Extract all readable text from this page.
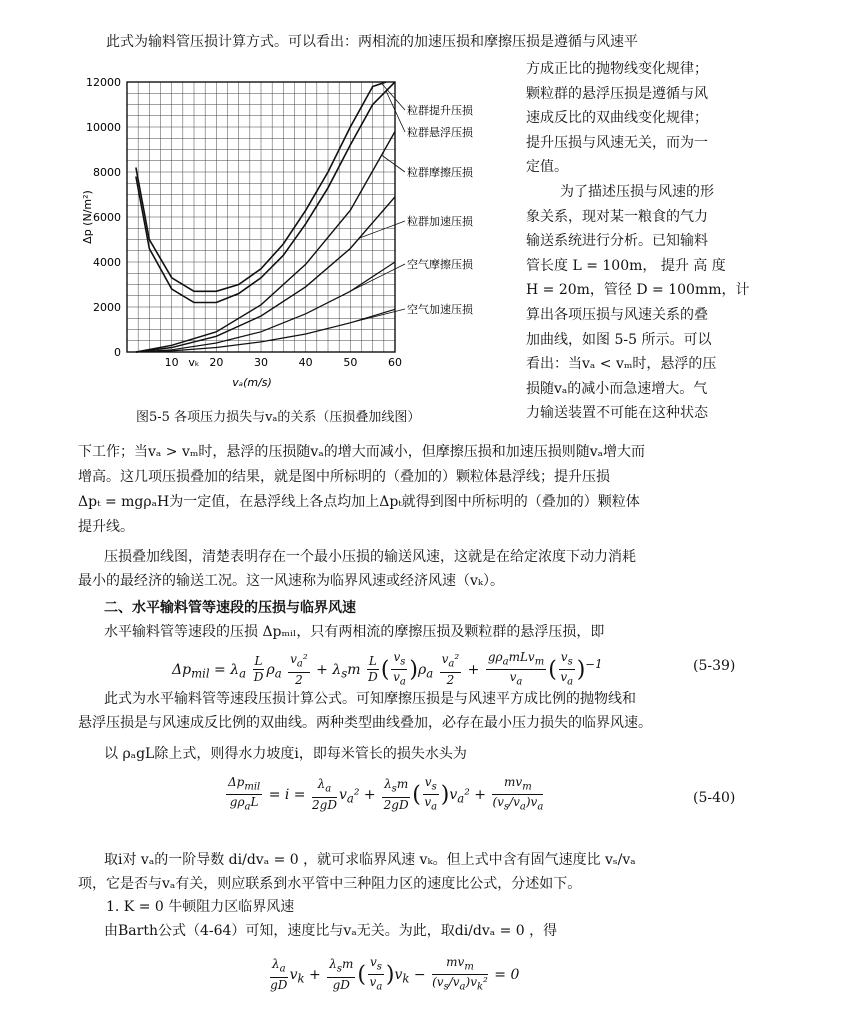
此式为输料管压损计算方式。可以看出：两相流的加速压损和摩擦压损是遵循与风速平
0
2000
4000
6000
8000
10000
12000
10 vₖ 20	30	40	50	60
vₐ(m/s)
Δp (N/m²)
粒群提升压损
粒群悬浮压损
粒群摩擦压损
粒群加速压损
空气摩擦压损
空气加速压损
图5-5 各项压力损失与vₐ的关系（压损叠加线图）
方成正比的抛物线变化规律；
颗粒群的悬浮压损是遵循与风
速成反比的双曲线变化规律；
提升压损与风速无关，而为一
定值。
为了描述压损与风速的形
象关系，现对某一粮食的气力
输送系统进行分析。已知输料
管长度 L = 100m， 提升 高 度
H = 20m，管径 D = 100mm，计
算出各项压损与风速关系的叠
加曲线，如图 5-5 所示。可以
看出：当vₐ < vₘ时，悬浮的压
损随vₐ的减小而急速增大。气
力输送装置不可能在这种状态
下工作；当vₐ > vₘ时，悬浮的压损随vₐ的增大而减小，但摩擦压损和加速压损则随vₐ增大而
增高。这几项压损叠加的结果，就是图中所标明的（叠加的）颗粒体悬浮线；提升压损
Δpₜ = mgρₐH为一定值，在悬浮线上各点均加上Δpₜ就得到图中所标明的（叠加的）颗粒体
提升线。
压损叠加线图，清楚表明存在一个最小压损的输送风速，这就是在给定浓度下动力消耗
最小的最经济的输送工况。这一风速称为临界风速或经济风速（vₖ）。
二、水平输料管等速段的压损与临界风速
水平输料管等速段的压损 Δpₘᵢₗ，只有两相流的摩擦压损及颗粒群的悬浮压损，即
$\Delta p_{mil} = \lambda_a \frac{L}{D} \rho_a \frac{v_a^2}{2} + \lambda_sm \frac{L}{D}$ ( $\frac{v_s}{v_a} )\rho_a \frac{v_a^2}{2} + \frac{g\rho_amLv_m}{v_a}$ ( $\frac{v_s}{v_a} )^{-1}$	(5-39)
此式为水平输料管等速段压损计算公式。可知摩擦压损是与风速平方成比例的抛物线和
悬浮压损是与风速成反比例的双曲线。两种类型曲线叠加，必存在最小压力损失的临界风速。
以 ρₐgL除上式，则得水力坡度i，即每米管长的损失水头为
$\frac{\Delta p_{mil}}{g\rho_aL} = i = \frac{\lambda_a}{2gD} v_a^2 + \frac{\lambda_sm}{2gD}$ ( $\frac{v_s}{v_a} )v_a^2 + \frac{mv_m}{(v_s/v_a)v_a}$	(5-40)
取i对 vₐ的一阶导数 di/dvₐ = 0 ，就可求临界风速 vₖ。但上式中含有固气速度比 vₛ/vₐ
项，它是否与vₐ有关，则应联系到水平管中三种阻力区的速度比公式，分述如下。
1. K = 0 牛顿阻力区临界风速
由Barth公式（4-64）可知，速度比与vₐ无关。为此，取di/dvₐ = 0 ，得
$\frac{\lambda_a}{gD} v_k + \frac{\lambda_sm}{gD}$ ( $\frac{v_s}{v_a} )v_k - \frac{mv_m}{(v_s/v_a)v_k^2} = 0$
